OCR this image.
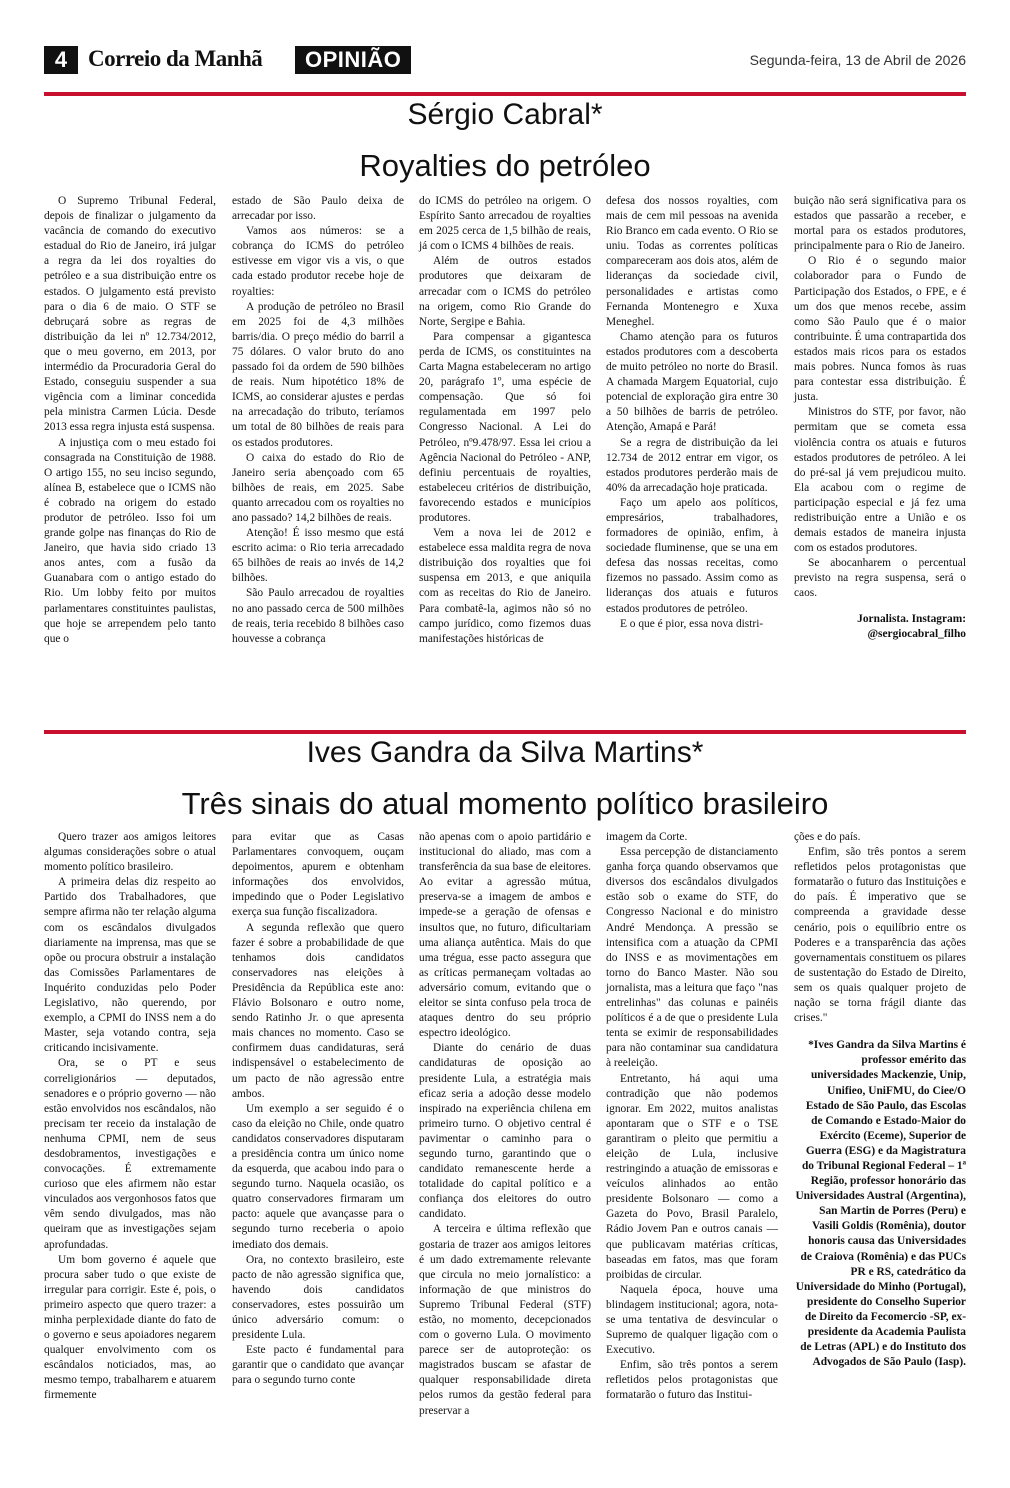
4 Correio da Manhã	OPINIÃO	Segunda-feira, 13 de Abril de 2026
Sérgio Cabral*
Royalties do petróleo

O Supremo Tribunal Federal, depois de finalizar o julgamento da vacância de comando do executivo estadual do Rio de Janeiro, irá julgar a regra da lei dos royalties do petróleo e a sua distribuição entre os estados. O julgamento está previsto para o dia 6 de maio. O STF se debruçará sobre as regras de distribuição da lei nº 12.734/2012, que o meu governo, em 2013, por intermédio da Procuradoria Geral do Estado, conseguiu suspender a sua vigência com a liminar concedida pela ministra Carmen Lúcia. Desde 2013 essa regra injusta está suspensa.

A injustiça com o meu estado foi consagrada na Constituição de 1988. O artigo 155, no seu inciso segundo, alínea B, estabelece que o ICMS não é cobrado na origem do estado produtor de petróleo. Isso foi um grande golpe nas finanças do Rio de Janeiro, que havia sido criado 13 anos antes, com a fusão da Guanabara com o antigo estado do Rio. Um lobby feito por muitos parlamentares constituintes paulistas, que hoje se arrependem pelo tanto que o

estado de São Paulo deixa de arrecadar por isso.

Vamos aos números: se a cobrança do ICMS do petróleo estivesse em vigor vis a vis, o que cada estado produtor recebe hoje de royalties:

A produção de petróleo no Brasil em 2025 foi de 4,3 milhões barris/dia. O preço médio do barril a 75 dólares. O valor bruto do ano passado foi da ordem de 590 bilhões de reais. Num hipotético 18% de ICMS, ao considerar ajustes e perdas na arrecadação do tributo, teríamos um total de 80 bilhões de reais para os estados produtores.

O caixa do estado do Rio de Janeiro seria abençoado com 65 bilhões de reais, em 2025. Sabe quanto arrecadou com os royalties no ano passado? 14,2 bilhões de reais.

Atenção! É isso mesmo que está escrito acima: o Rio teria arrecadado 65 bilhões de reais ao invés de 14,2 bilhões.

São Paulo arrecadou de royalties no ano passado cerca de 500 milhões de reais, teria recebido 8 bilhões caso houvesse a cobrança

do ICMS do petróleo na origem. O Espírito Santo arrecadou de royalties em 2025 cerca de 1,5 bilhão de reais, já com o ICMS 4 bilhões de reais.

Além de outros estados produtores que deixaram de arrecadar com o ICMS do petróleo na origem, como Rio Grande do Norte, Sergipe e Bahia.

Para compensar a gigantesca perda de ICMS, os constituintes na Carta Magna estabeleceram no artigo 20, parágrafo 1º, uma espécie de compensação. Que só foi regulamentada em 1997 pelo Congresso Nacional. A Lei do Petróleo, nº9.478/97. Essa lei criou a Agência Nacional do Petróleo - ANP, definiu percentuais de royalties, estabeleceu critérios de distribuição, favorecendo estados e municípios produtores.

Vem a nova lei de 2012 e estabelece essa maldita regra de nova distribuição dos royalties que foi suspensa em 2013, e que aniquila com as receitas do Rio de Janeiro. Para combatê-la, agimos não só no campo jurídico, como fizemos duas manifestações históricas de

defesa dos nossos royalties, com mais de cem mil pessoas na avenida Rio Branco em cada evento. O Rio se uniu. Todas as correntes políticas compareceram aos dois atos, além de lideranças da sociedade civil, personalidades e artistas como Fernanda Montenegro e Xuxa Meneghel.

Chamo atenção para os futuros estados produtores com a descoberta de muito petróleo no norte do Brasil. A chamada Margem Equatorial, cujo potencial de exploração gira entre 30 a 50 bilhões de barris de petróleo. Atenção, Amapá e Pará!

Se a regra de distribuição da lei 12.734 de 2012 entrar em vigor, os estados produtores perderão mais de 40% da arrecadação hoje praticada.

Faço um apelo aos políticos, empresários, trabalhadores, formadores de opinião, enfim, à sociedade fluminense, que se una em defesa das nossas receitas, como fizemos no passado. Assim como as lideranças dos atuais e futuros estados produtores de petróleo.

E o que é pior, essa nova distri-

buição não será significativa para os estados que passarão a receber, e mortal para os estados produtores, principalmente para o Rio de Janeiro.

O Rio é o segundo maior colaborador para o Fundo de Participação dos Estados, o FPE, e é um dos que menos recebe, assim como São Paulo que é o maior contribuinte. É uma contrapartida dos estados mais ricos para os estados mais pobres. Nunca fomos às ruas para contestar essa distribuição. É justa.

Ministros do STF, por favor, não permitam que se cometa essa violência contra os atuais e futuros estados produtores de petróleo. A lei do pré-sal já vem prejudicou muito. Ela acabou com o regime de participação especial e já fez uma redistribuição entre a União e os demais estados de maneira injusta com os estados produtores.

Se abocanharem o percentual previsto na regra suspensa, será o caos.

Jornalista. Instagram:
@sergiocabral_filho

Ives Gandra da Silva Martins*
Três sinais do atual momento político brasileiro

Quero trazer aos amigos leitores algumas considerações sobre o atual momento político brasileiro.

A primeira delas diz respeito ao Partido dos Trabalhadores, que sempre afirma não ter relação alguma com os escândalos divulgados diariamente na imprensa, mas que se opõe ou procura obstruir a instalação das Comissões Parlamentares de Inquérito conduzidas pelo Poder Legislativo, não querendo, por exemplo, a CPMI do INSS nem a do Master, seja votando contra, seja criticando incisivamente.

Ora, se o PT e seus correligionários — deputados, senadores e o próprio governo — não estão envolvidos nos escândalos, não precisam ter receio da instalação de nenhuma CPMI, nem de seus desdobramentos, investigações e convocações. É extremamente curioso que eles afirmem não estar vinculados aos vergonhosos fatos que vêm sendo divulgados, mas não queiram que as investigações sejam aprofundadas.

Um bom governo é aquele que procura saber tudo o que existe de irregular para corrigir. Este é, pois, o primeiro aspecto que quero trazer: a minha perplexidade diante do fato de o governo e seus apoiadores negarem qualquer envolvimento com os escândalos noticiados, mas, ao mesmo tempo, trabalharem e atuarem firmemente

para evitar que as Casas Parlamentares convoquem, ouçam depoimentos, apurem e obtenham informações dos envolvidos, impedindo que o Poder Legislativo exerça sua função fiscalizadora.

A segunda reflexão que quero fazer é sobre a probabilidade de que tenhamos dois candidatos conservadores nas eleições à Presidência da República este ano: Flávio Bolsonaro e outro nome, sendo Ratinho Jr. o que apresenta mais chances no momento. Caso se confirmem duas candidaturas, será indispensável o estabelecimento de um pacto de não agressão entre ambos.

Um exemplo a ser seguido é o caso da eleição no Chile, onde quatro candidatos conservadores disputaram a presidência contra um único nome da esquerda, que acabou indo para o segundo turno. Naquela ocasião, os quatro conservadores firmaram um pacto: aquele que avançasse para o segundo turno receberia o apoio imediato dos demais.

Ora, no contexto brasileiro, este pacto de não agressão significa que, havendo dois candidatos conservadores, estes possuirão um único adversário comum: o presidente Lula.

Este pacto é fundamental para garantir que o candidato que avançar para o segundo turno conte

não apenas com o apoio partidário e institucional do aliado, mas com a transferência da sua base de eleitores. Ao evitar a agressão mútua, preserva-se a imagem de ambos e impede-se a geração de ofensas e insultos que, no futuro, dificultariam uma aliança autêntica. Mais do que uma trégua, esse pacto assegura que as críticas permaneçam voltadas ao adversário comum, evitando que o eleitor se sinta confuso pela troca de ataques dentro do seu próprio espectro ideológico.

Diante do cenário de duas candidaturas de oposição ao presidente Lula, a estratégia mais eficaz seria a adoção desse modelo inspirado na experiência chilena em primeiro turno. O objetivo central é pavimentar o caminho para o segundo turno, garantindo que o candidato remanescente herde a totalidade do capital político e a confiança dos eleitores do outro candidato.

A terceira e última reflexão que gostaria de trazer aos amigos leitores é um dado extremamente relevante que circula no meio jornalístico: a informação de que ministros do Supremo Tribunal Federal (STF) estão, no momento, decepcionados com o governo Lula. O movimento parece ser de autoproteção: os magistrados buscam se afastar de qualquer responsabilidade direta pelos rumos da gestão federal para preservar a

imagem da Corte.

Essa percepção de distanciamento ganha força quando observamos que diversos dos escândalos divulgados estão sob o exame do STF, do Congresso Nacional e do ministro André Mendonça. A pressão se intensifica com a atuação da CPMI do INSS e as movimentações em torno do Banco Master. Não sou jornalista, mas a leitura que faço "nas entrelinhas" das colunas e painéis políticos é a de que o presidente Lula tenta se eximir de responsabilidades para não contaminar sua candidatura à reeleição.

Entretanto, há aqui uma contradição que não podemos ignorar. Em 2022, muitos analistas apontaram que o STF e o TSE garantiram o pleito que permitiu a eleição de Lula, inclusive restringindo a atuação de emissoras e veículos alinhados ao então presidente Bolsonaro — como a Gazeta do Povo, Brasil Paralelo, Rádio Jovem Pan e outros canais — que publicavam matérias críticas, baseadas em fatos, mas que foram proibidas de circular.

Naquela época, houve uma blindagem institucional; agora, nota-se uma tentativa de desvincular o Supremo de qualquer ligação com o Executivo.

Enfim, são três pontos a serem refletidos pelos protagonistas que formatarão o futuro das Institui-

ções e do país.

Enfim, são três pontos a serem refletidos pelos protagonistas que formatarão o futuro das Instituições e do país. É imperativo que se compreenda a gravidade desse cenário, pois o equilíbrio entre os Poderes e a transparência das ações governamentais constituem os pilares de sustentação do Estado de Direito, sem os quais qualquer projeto de nação se torna frágil diante das crises."

*Ives Gandra da Silva Martins é professor emérito das universidades Mackenzie, Unip, Unifieo, UniFMU, do Ciee/O Estado de São Paulo, das Escolas de Comando e Estado-Maior do Exército (Eceme), Superior de Guerra (ESG) e da Magistratura do Tribunal Regional Federal – 1ª Região, professor honorário das Universidades Austral (Argentina), San Martin de Porres (Peru) e Vasili Goldis (Romênia), doutor honoris causa das Universidades de Craiova (Romênia) e das PUCs PR e RS, catedrático da Universidade do Minho (Portugal), presidente do Conselho Superior de Direito da Fecomercio -SP, ex-presidente da Academia Paulista de Letras (APL) e do Instituto dos Advogados de São Paulo (Iasp).
